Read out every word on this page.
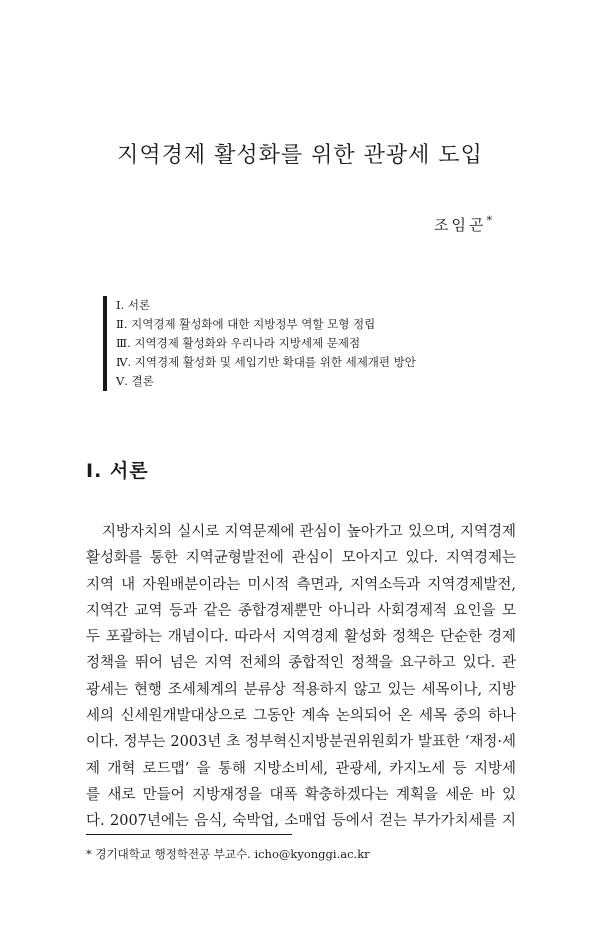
지역경제 활성화를 위한 관광세 도입
조임곤*
Ⅰ. 서론
Ⅱ. 지역경제 활성화에 대한 지방정부 역할 모형 정립
Ⅲ. 지역경제 활성화와 우리나라 지방세제 문제점
Ⅳ. 지역경제 활성화 및 세입기반 확대를 위한 세제개편 방안
Ⅴ. 결론
Ⅰ. 서론
지방자치의 실시로 지역문제에 관심이 높아가고 있으며, 지역경제
활성화를 통한 지역균형발전에 관심이 모아지고 있다. 지역경제는
지역 내 자원배분이라는 미시적 측면과, 지역소득과 지역경제발전,
지역간 교역 등과 같은 종합경제뿐만 아니라 사회경제적 요인을 모
두 포괄하는 개념이다. 따라서 지역경제 활성화 정책은 단순한 경제
정책을 뛰어 넘은 지역 전체의 종합적인 정책을 요구하고 있다. 관
광세는 현행 조세체계의 분류상 적용하지 않고 있는 세목이나, 지방
세의 신세원개발대상으로 그동안 계속 논의되어 온 세목 중의 하나
이다. 정부는 2003년 초 정부혁신지방분권위원회가 발표한 ‘재정·세
제 개혁 로드맵’ 을 통해 지방소비세, 관광세, 카지노세 등 지방세
를 새로 만들어 지방재정을 대폭 확충하겠다는 계획을 세운 바 있
다. 2007년에는 음식, 숙박업, 소매업 등에서 걷는 부가가치세를 지
* 경기대학교 행정학전공 부교수. icho@kyonggi.ac.kr
